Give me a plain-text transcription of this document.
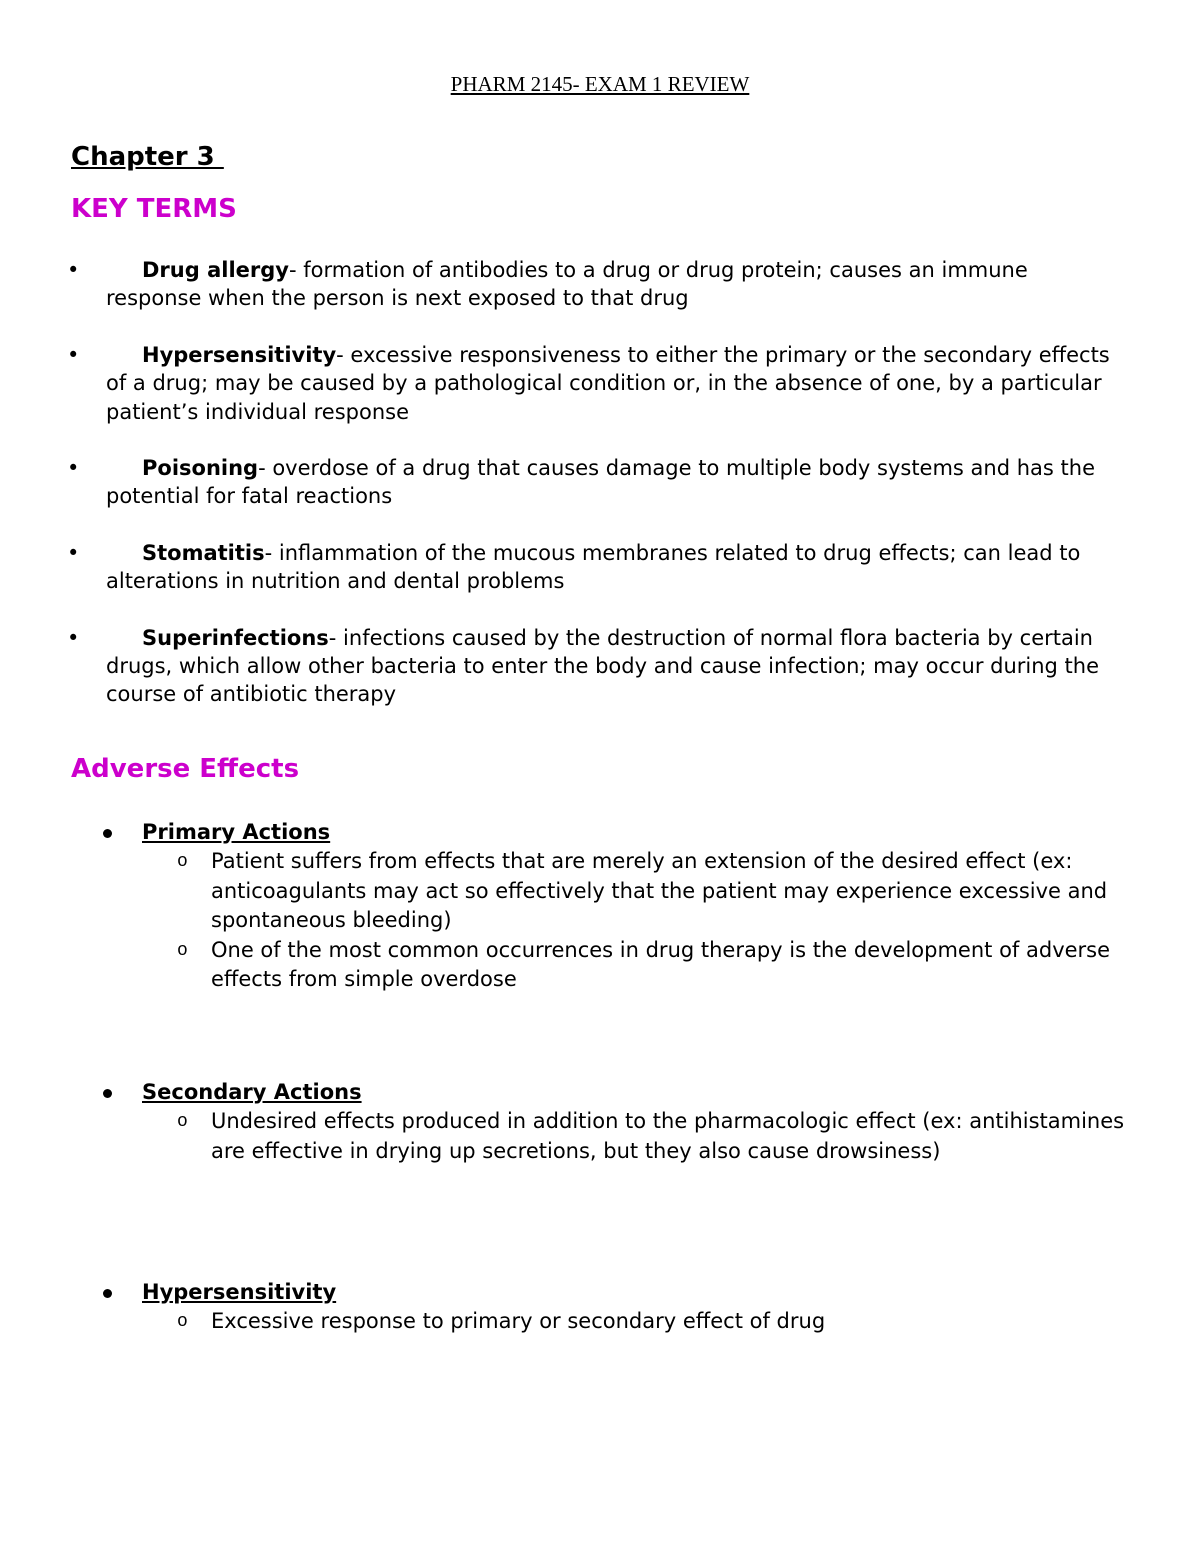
PHARM 2145- EXAM 1 REVIEW
Chapter 3
KEY TERMS
•	Drug allergy- formation of antibodies to a drug or drug protein; causes an immune response when the person is next exposed to that drug
•	Hypersensitivity- excessive responsiveness to either the primary or the secondary effects of a drug; may be caused by a pathological condition or, in the absence of one, by a particular patient’s individual response
•	Poisoning- overdose of a drug that causes damage to multiple body systems and has the potential for fatal reactions
•	Stomatitis- inflammation of the mucous membranes related to drug effects; can lead to alterations in nutrition and dental problems
•	Superinfections- infections caused by the destruction of normal flora bacteria by certain drugs, which allow other bacteria to enter the body and cause infection; may occur during the course of antibiotic therapy
Adverse Effects
Primary Actions
o Patient suffers from effects that are merely an extension of the desired effect (ex: anticoagulants may act so effectively that the patient may experience excessive and spontaneous bleeding)
o One of the most common occurrences in drug therapy is the development of adverse effects from simple overdose
Secondary Actions
o Undesired effects produced in addition to the pharmacologic effect (ex: antihistamines are effective in drying up secretions, but they also cause drowsiness)
Hypersensitivity
o Excessive response to primary or secondary effect of drug
